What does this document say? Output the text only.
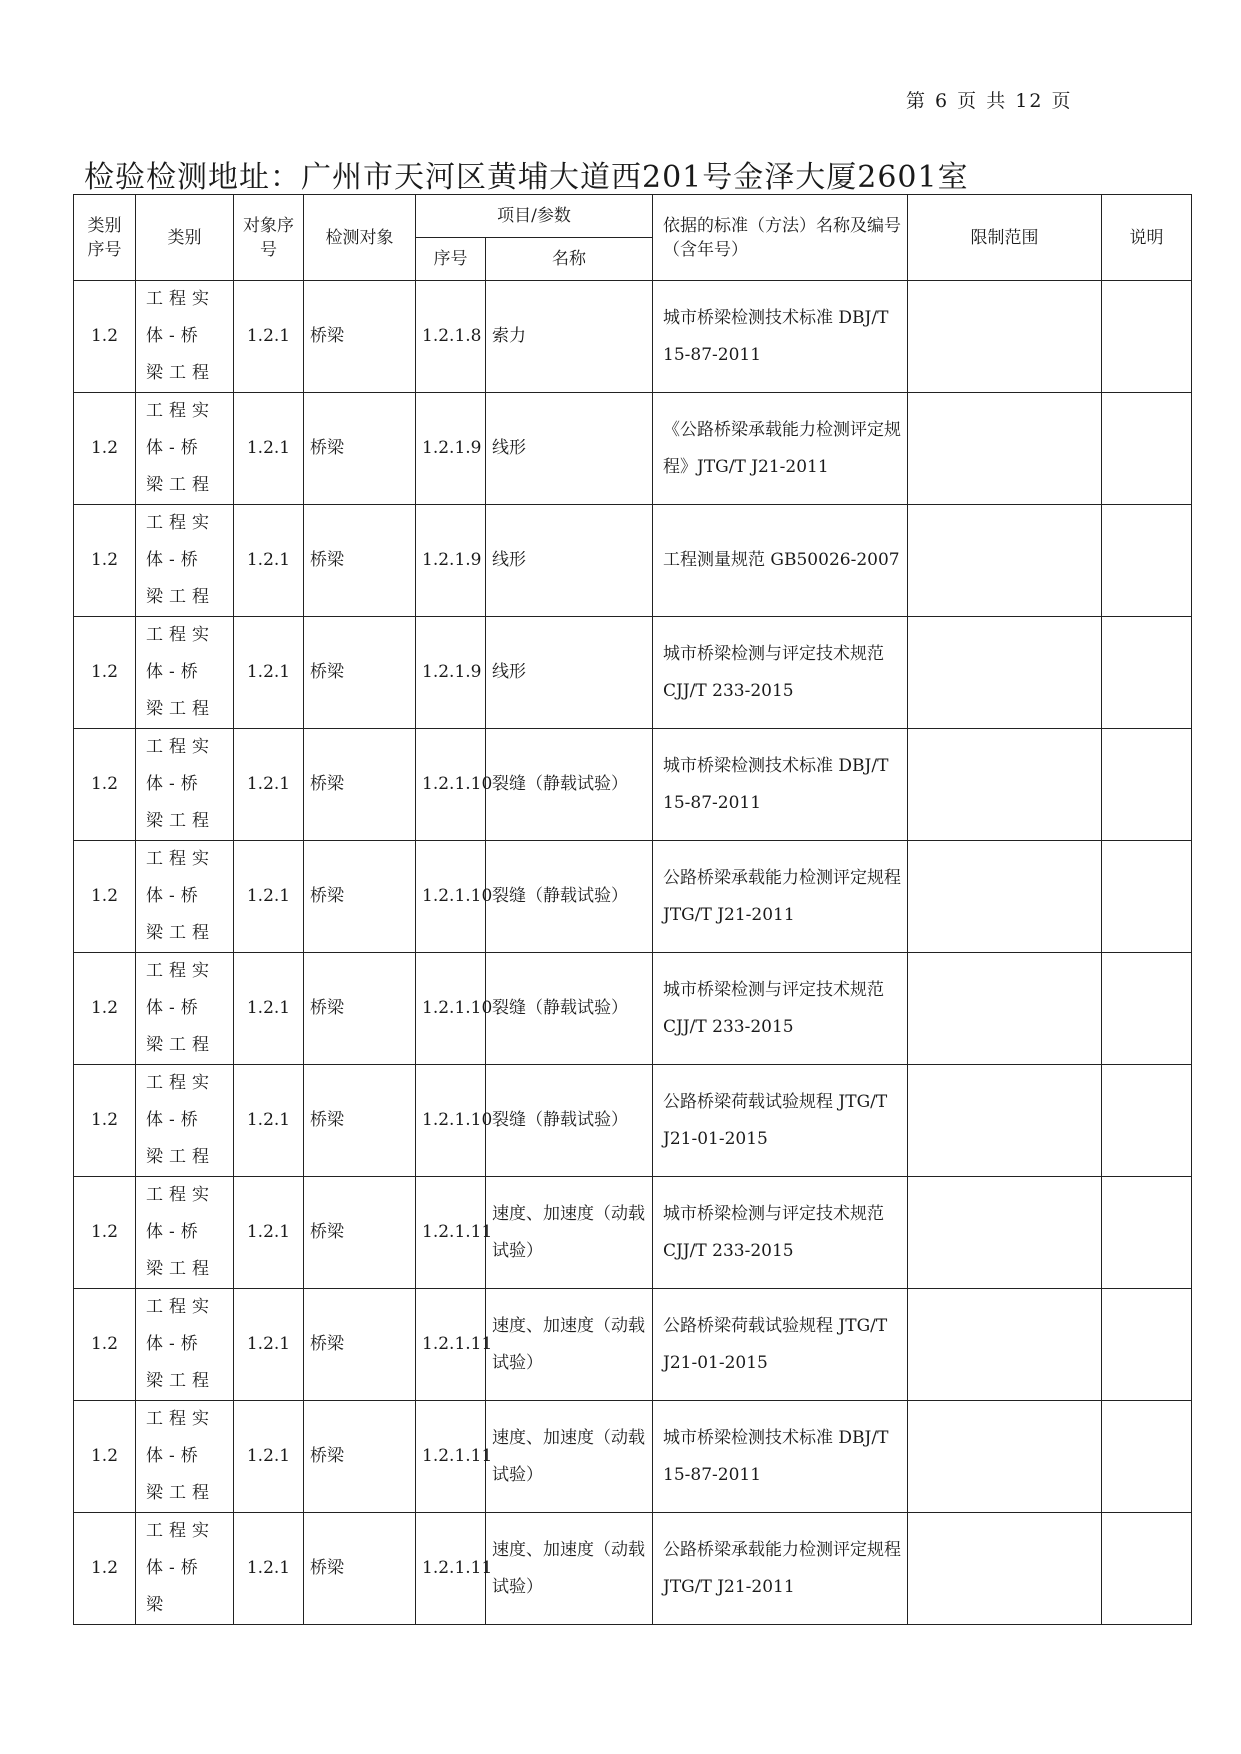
第 6 页 共 12 页
检验检测地址：广州市天河区黄埔大道西201号金泽大厦2601室
类别序号	类别	对象序号	检测对象	项目/参数		依据的标准（方法）名称及编号（含年号）	限制范围	说明
				序号	名称			
1.2	工程实体-桥梁工程	1.2.1	桥梁	1.2.1.8	索力	城市桥梁检测技术标准 DBJ/T 15-87-2011		
1.2	工程实体-桥梁工程	1.2.1	桥梁	1.2.1.9	线形	《公路桥梁承载能力检测评定规程》JTG/T J21-2011		
1.2	工程实体-桥梁工程	1.2.1	桥梁	1.2.1.9	线形	工程测量规范 GB50026-2007		
1.2	工程实体-桥梁工程	1.2.1	桥梁	1.2.1.9	线形	城市桥梁检测与评定技术规范 CJJ/T 233-2015		
1.2	工程实体-桥梁工程	1.2.1	桥梁	1.2.1.10	裂缝（静载试验）	城市桥梁检测技术标准 DBJ/T 15-87-2011		
1.2	工程实体-桥梁工程	1.2.1	桥梁	1.2.1.10	裂缝（静载试验）	公路桥梁承载能力检测评定规程 JTG/T J21-2011		
1.2	工程实体-桥梁工程	1.2.1	桥梁	1.2.1.10	裂缝（静载试验）	城市桥梁检测与评定技术规范 CJJ/T 233-2015		
1.2	工程实体-桥梁工程	1.2.1	桥梁	1.2.1.10	裂缝（静载试验）	公路桥梁荷载试验规程 JTG/T J21-01-2015		
1.2	工程实体-桥梁工程	1.2.1	桥梁	1.2.1.11	速度、加速度（动载试验）	城市桥梁检测与评定技术规范 CJJ/T 233-2015		
1.2	工程实体-桥梁工程	1.2.1	桥梁	1.2.1.11	速度、加速度（动载试验）	公路桥梁荷载试验规程 JTG/T J21-01-2015		
1.2	工程实体-桥梁工程	1.2.1	桥梁	1.2.1.11	速度、加速度（动载试验）	城市桥梁检测技术标准 DBJ/T 15-87-2011		
1.2	工程实体-桥梁	1.2.1	桥梁	1.2.1.11	速度、加速度（动载试验）	公路桥梁承载能力检测评定规程 JTG/T J21-2011		
